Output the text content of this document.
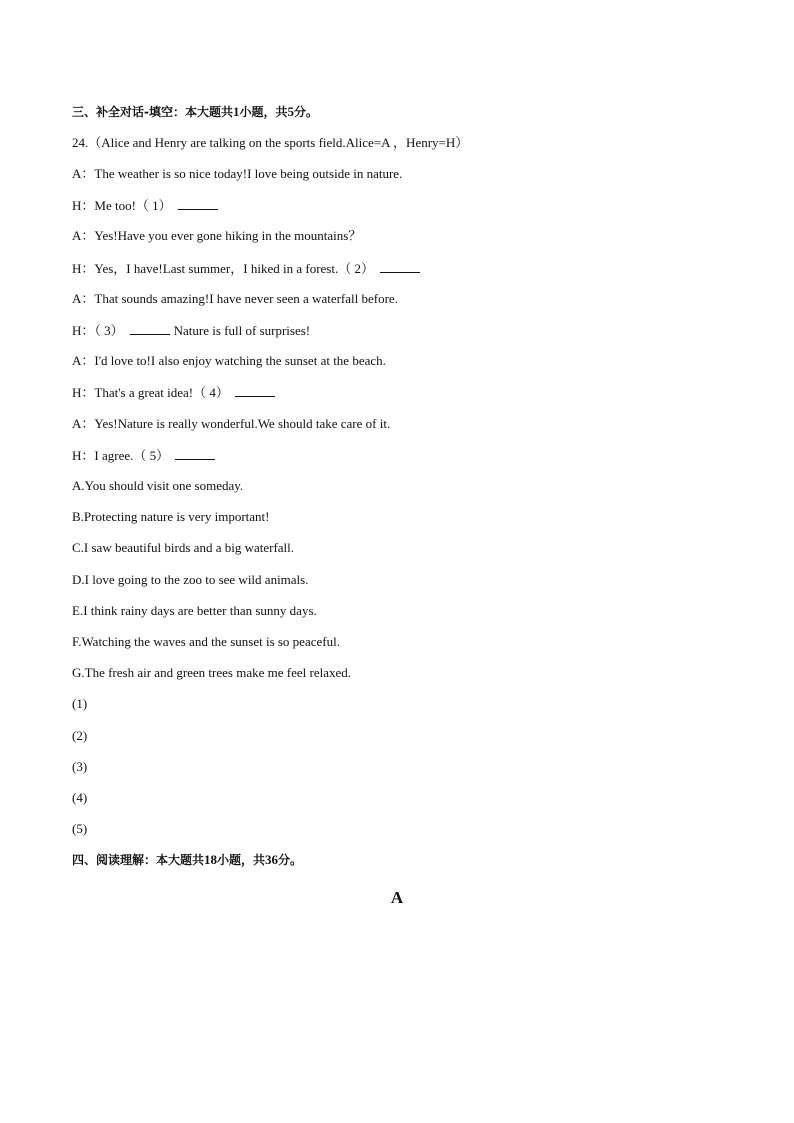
三、补全对话-填空：本大题共1小题，共5分。
24.（Alice and Henry are talking on the sports field.Alice=A ，Henry=H）
A：The weather is so nice today!I love being outside in nature.
H：Me too!（ 1）
A：Yes!Have you ever gone hiking in the mountains？
H：Yes，I have!Last summer，I hiked in a forest.（ 2）
A：That sounds amazing!I have never seen a waterfall before.
H：（ 3）	Nature is full of surprises!
A：I'd love to!I also enjoy watching the sunset at the beach.
H：That's a great idea!（ 4）
A：Yes!Nature is really wonderful.We should take care of it.
H：I agree.（ 5）
A.You should visit one someday.
B.Protecting nature is very important!
C.I saw beautiful birds and a big waterfall.
D.I love going to the zoo to see wild animals.
E.I think rainy days are better than sunny days.
F.Watching the waves and the sunset is so peaceful.
G.The fresh air and green trees make me feel relaxed.
(1)
(2)
(3)
(4)
(5)
四、阅读理解：本大题共18小题，共36分。
A
